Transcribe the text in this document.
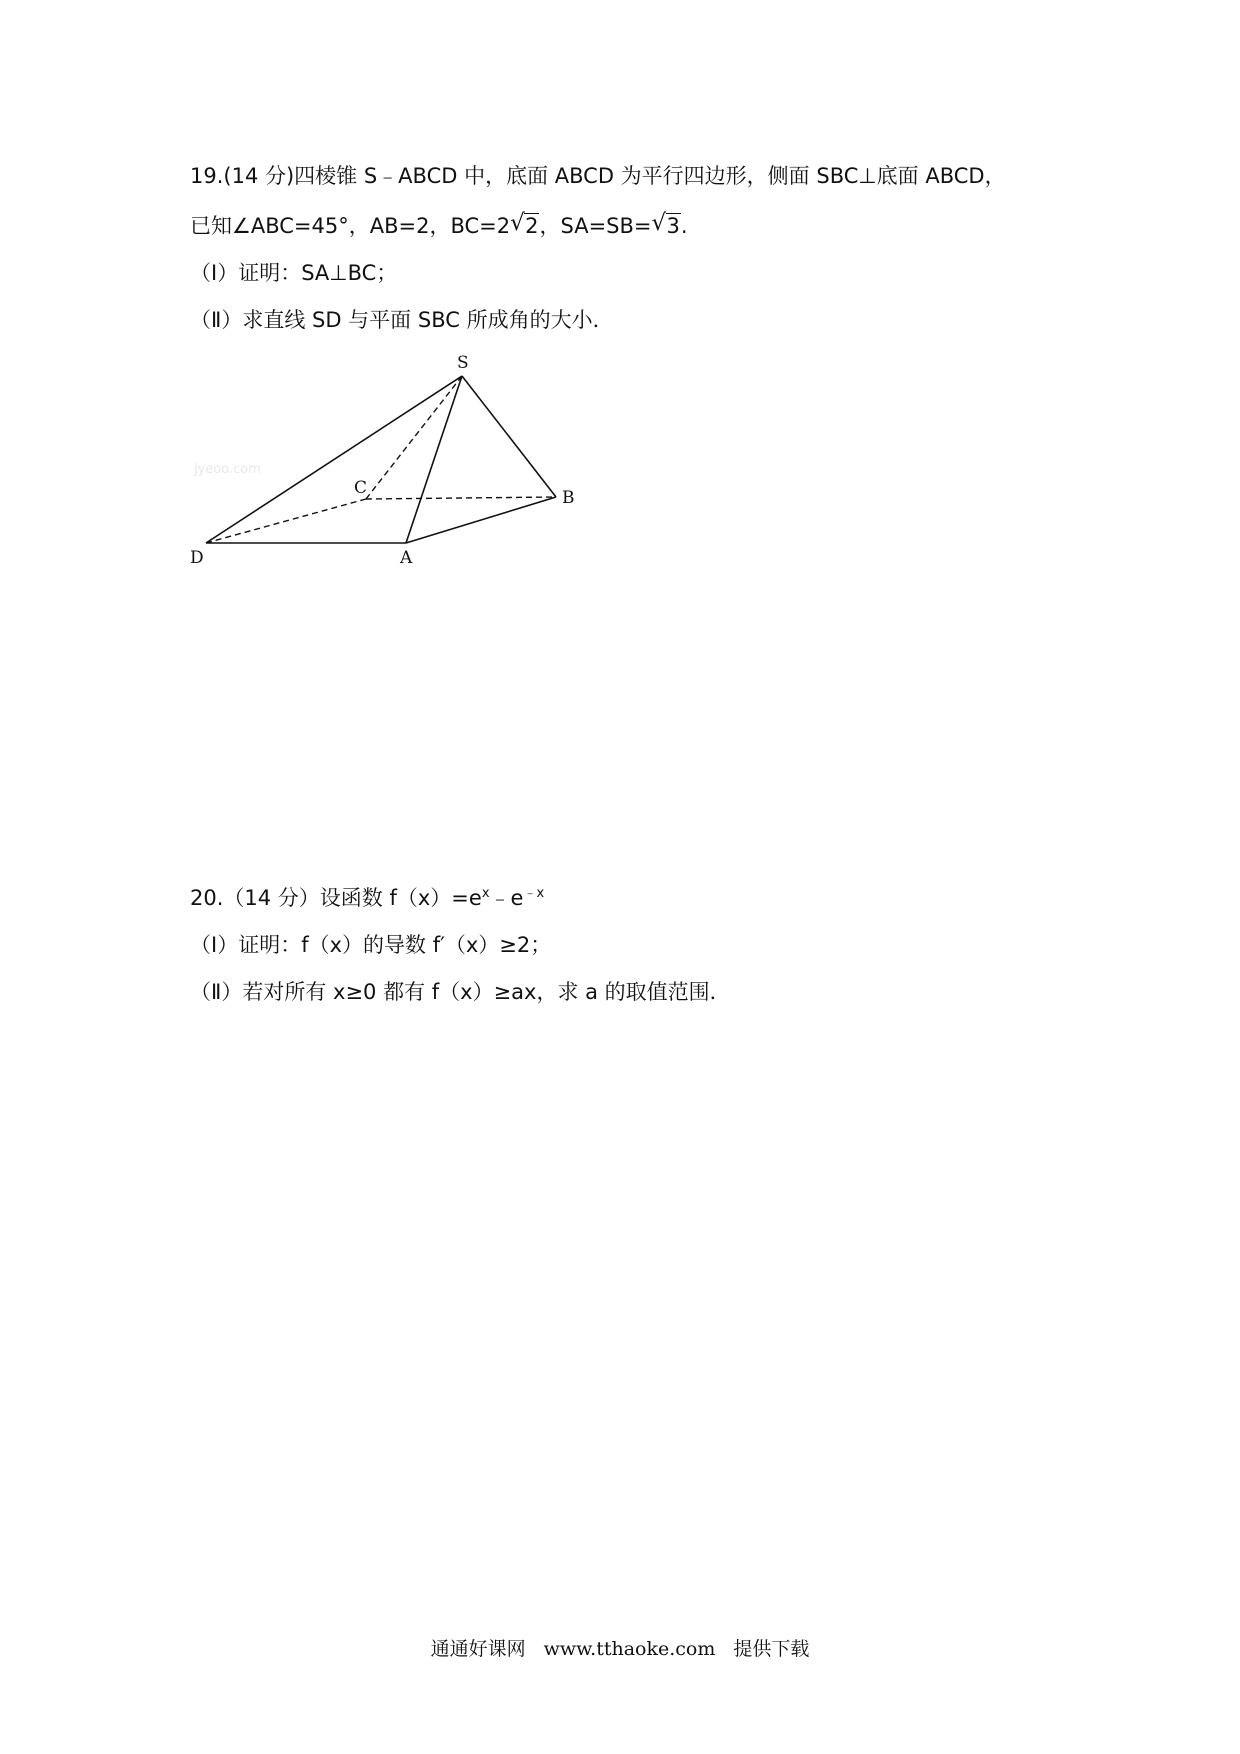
19.(14 分)四棱锥 S﹣ABCD 中，底面 ABCD 为平行四边形，侧面 SBC⊥底面 ABCD，
已知∠ABC=45°，AB=2，BC=2 √ 2，SA=SB= √ 3.
（Ⅰ）证明：SA⊥BC；
（Ⅱ）求直线 SD 与平面 SBC 所成角的大小．
S
C	B
D	A
jyeoo.com
20.（14 分）设函数 $f(x)=e^x﹣e^{﹣x}$
（Ⅰ）证明：f（x）的导数 f′（x）≥2；
（Ⅱ）若对所有 x≥0 都有 f（x）≥ax，求 a 的取值范围．
通通好课网 www.tthaoke.com 提供下载
